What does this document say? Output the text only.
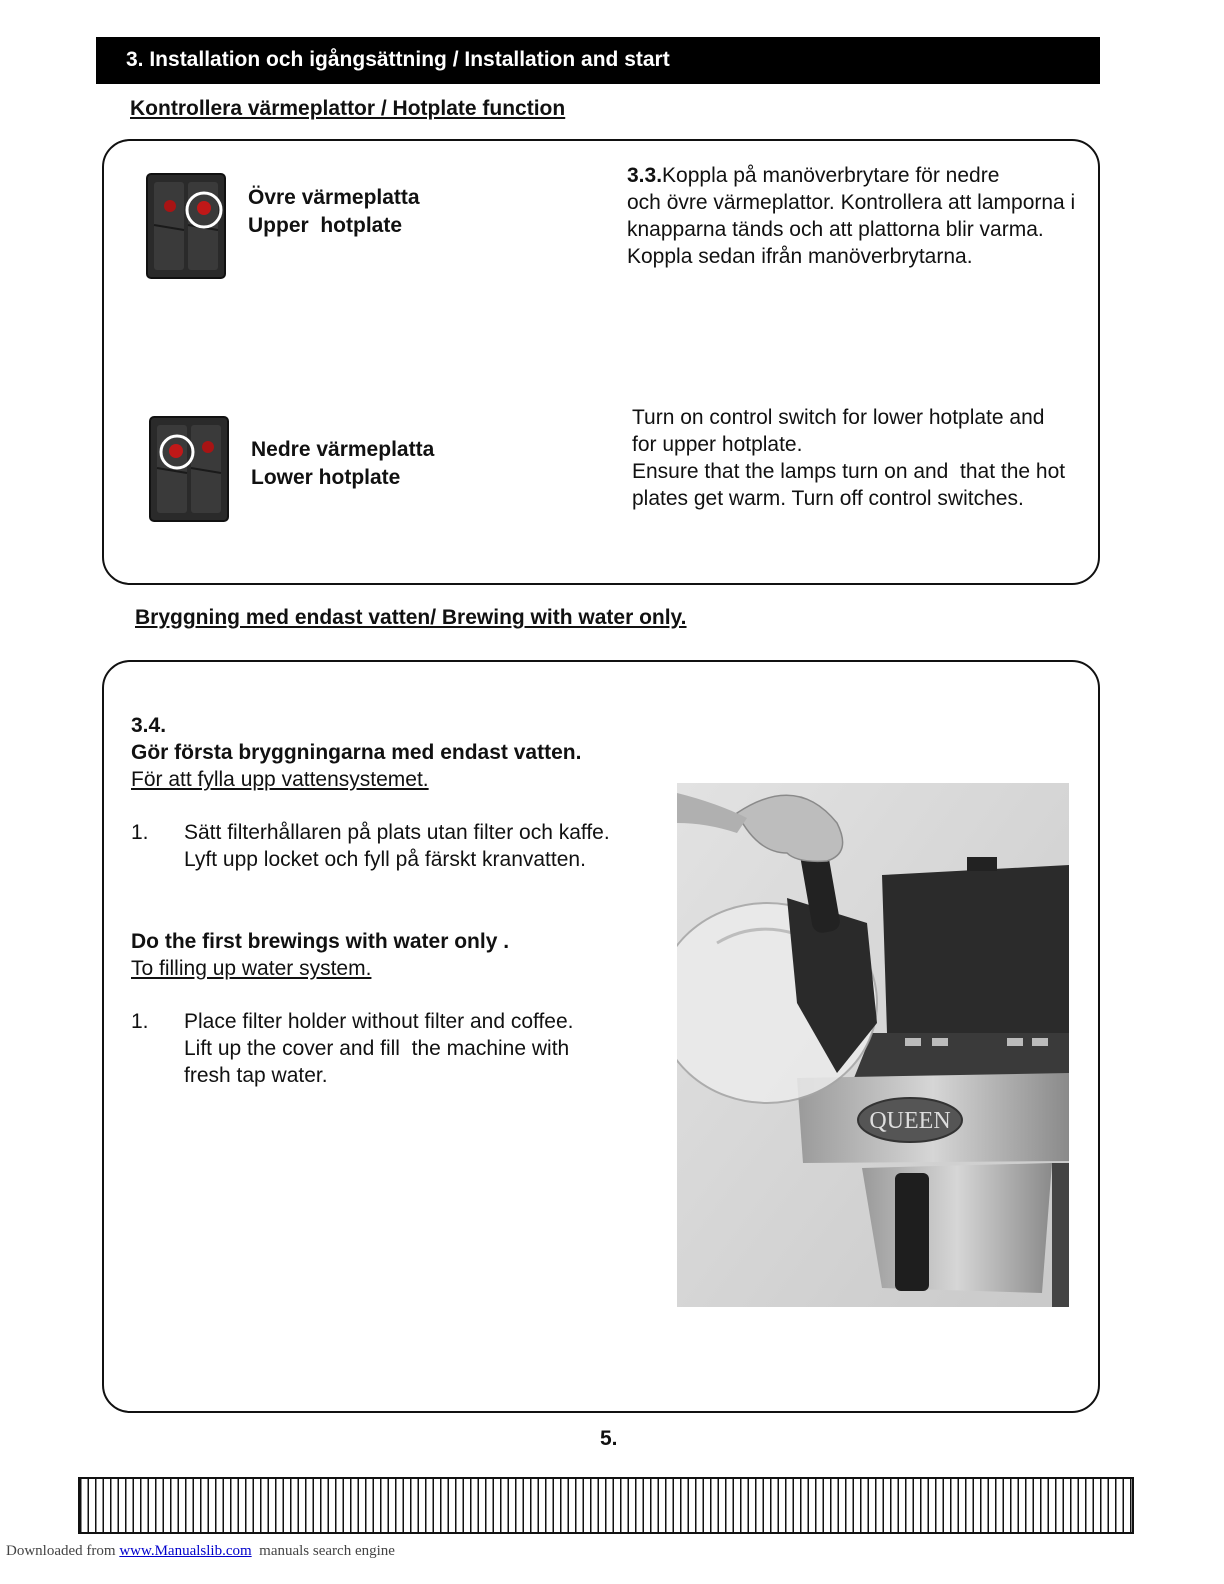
3. Installation och igångsättning / Installation and start
Kontrollera värmeplattor / Hotplate function
Övre värmeplatta
Upper  hotplate
3.3.Koppla på manöverbrytare för nedre
och övre värmeplattor. Kontrollera att lamporna i
knapparna tänds och att plattorna blir varma.
Koppla sedan ifrån manöverbrytarna.
Nedre värmeplatta
Lower hotplate
Turn on control switch for lower hotplate and
for upper hotplate.
Ensure that the lamps turn on and  that the hot
plates get warm. Turn off control switches.
Bryggning med endast vatten/ Brewing with water only.
3.4.
Gör första bryggningarna med endast vatten.
För att fylla upp vattensystemet.
1. Sätt filterhållaren på plats utan filter och kaffe.
Lyft upp locket och fyll på färskt kranvatten.
Do the first brewings with water only .
To filling up water system.
1. Place filter holder without filter and coffee.
Lift up the cover and fill  the machine with
fresh tap water.
QUEEN
5.
Downloaded from www.Manualslib.com  manuals search engine
